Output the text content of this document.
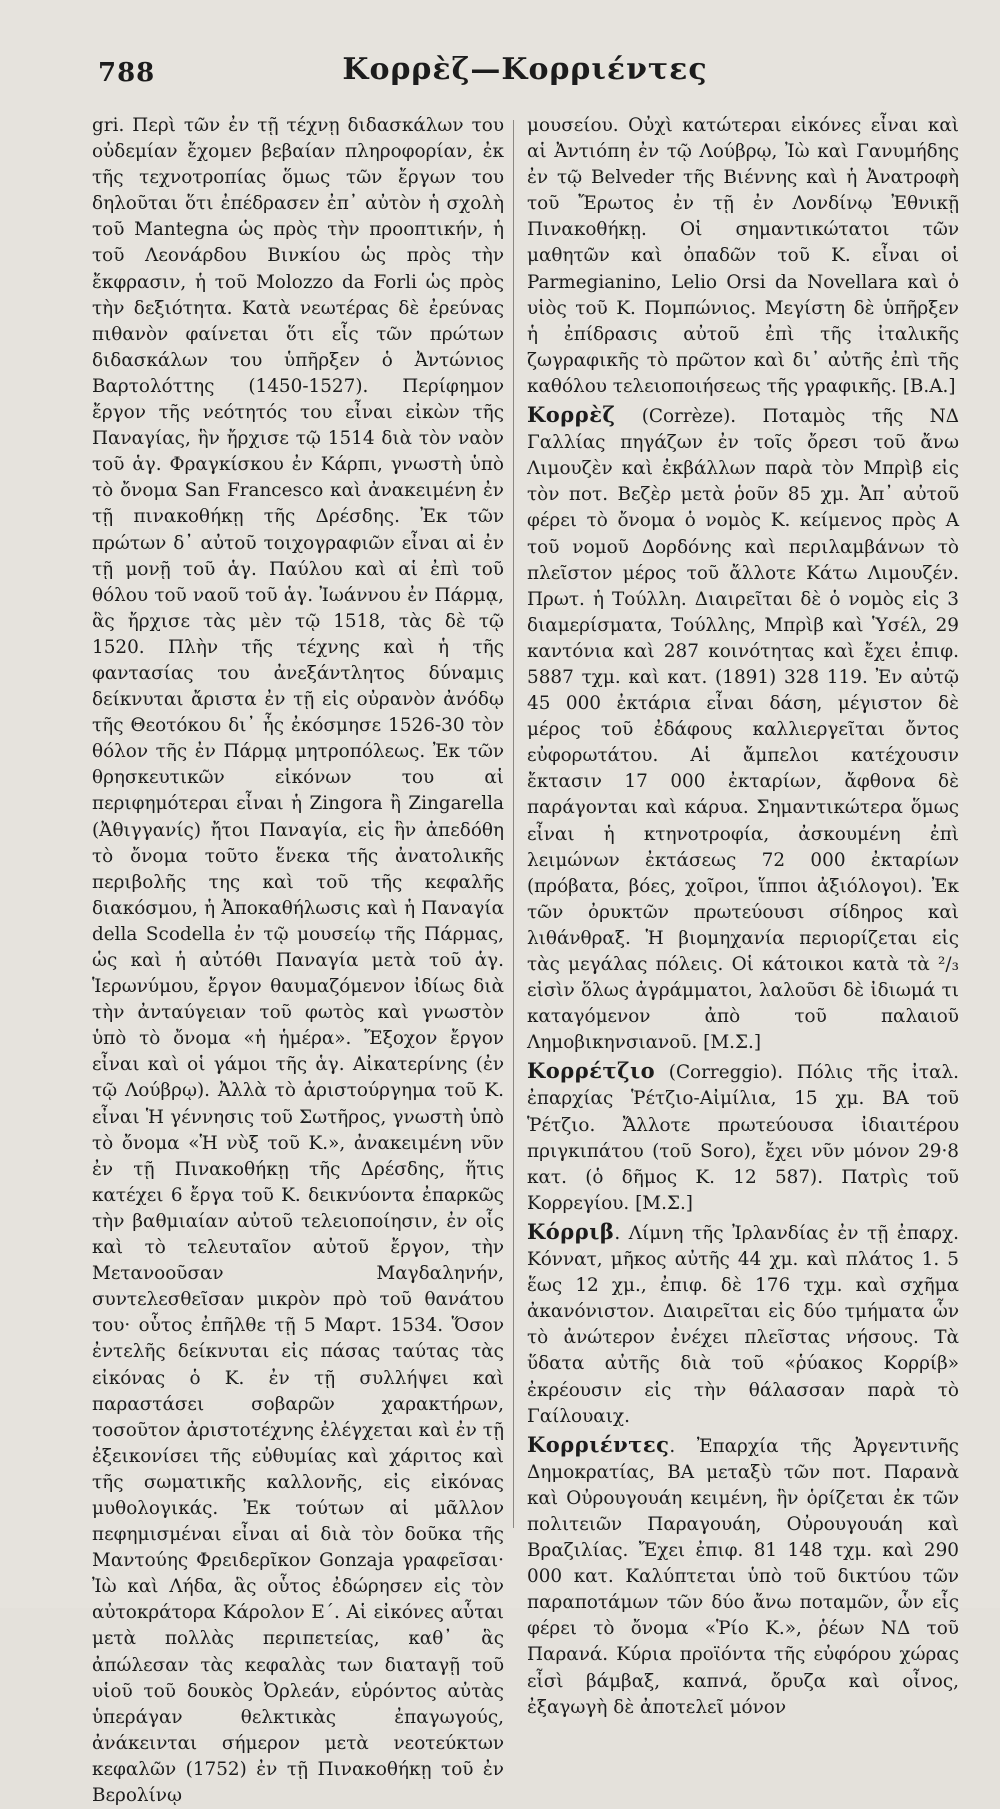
788	Κορρὲζ—Κορριέντες

gri. Περὶ τῶν ἐν τῇ τέχνῃ διδασκάλων του οὐδεμίαν ἔχομεν βεβαίαν πληροφορίαν, ἐκ τῆς τεχνοτροπίας ὅμως τῶν ἔργων του δηλοῦται ὅτι ἐπέδρασεν ἐπ᾽ αὐτὸν ἡ σχολὴ τοῦ Mantegna ὡς πρὸς τὴν προοπτικήν, ἡ τοῦ Λεονάρδου Βινκίου ὡς πρὸς τὴν ἔκφρασιν, ἡ τοῦ Molozzo da Forli ὡς πρὸς τὴν δεξιότητα. Κατὰ νεωτέρας δὲ ἐρεύνας πιθανὸν φαίνεται ὅτι εἷς τῶν πρώτων διδασκάλων του ὑπῆρξεν ὁ Ἀντώνιος Βαρτολόττης (1450-1527). Περίφημον ἔργον τῆς νεότητός του εἶναι εἰκὼν τῆς Παναγίας, ἣν ἤρχισε τῷ 1514 διὰ τὸν ναὸν τοῦ ἁγ. Φραγκίσκου ἐν Κάρπι, γνωστὴ ὑπὸ τὸ ὄνομα San Francesco καὶ ἀνακειμένη ἐν τῇ πινακοθήκῃ τῆς Δρέσδης. Ἐκ τῶν πρώτων δ᾽ αὐτοῦ τοιχογραφιῶν εἶναι αἱ ἐν τῇ μονῇ τοῦ ἁγ. Παύλου καὶ αἱ ἐπὶ τοῦ θόλου τοῦ ναοῦ τοῦ ἁγ. Ἰωάννου ἐν Πάρμᾳ, ἃς ἤρχισε τὰς μὲν τῷ 1518, τὰς δὲ τῷ 1520. Πλὴν τῆς τέχνης καὶ ἡ τῆς φαντασίας του ἀνεξάντλητος δύναμις δείκνυται ἄριστα ἐν τῇ εἰς οὐρανὸν ἀνόδῳ τῆς Θεοτόκου δι᾽ ἧς ἐκόσμησε 1526-30 τὸν θόλον τῆς ἐν Πάρμᾳ μητροπόλεως. Ἐκ τῶν θρησκευτικῶν εἰκόνων του αἱ περιφημότεραι εἶναι ἡ Zingora ἢ Zingarella (Ἀθιγγανίς) ἤτοι Παναγία, εἰς ἣν ἀπεδόθη τὸ ὄνομα τοῦτο ἕνεκα τῆς ἀνατολικῆς περιβολῆς της καὶ τοῦ τῆς κεφαλῆς διακόσμου, ἡ Ἀποκαθήλωσις καὶ ἡ Παναγία della Scodella ἐν τῷ μουσείῳ τῆς Πάρμας, ὡς καὶ ἡ αὐτόθι Παναγία μετὰ τοῦ ἁγ. Ἱερωνύμου, ἔργον θαυμαζόμενον ἰδίως διὰ τὴν ἀνταύγειαν τοῦ φωτὸς καὶ γνωστὸν ὑπὸ τὸ ὄνομα «ἡ ἡμέρα». Ἔξοχον ἔργον εἶναι καὶ οἱ γάμοι τῆς ἁγ. Αἰκατερίνης (ἐν τῷ Λούβρῳ). Ἀλλὰ τὸ ἀριστούργημα τοῦ Κ. εἶναι Ἡ γέννησις τοῦ Σωτῆρος, γνωστὴ ὑπὸ τὸ ὄνομα «Ἡ νὺξ τοῦ Κ.», ἀνακειμένη νῦν ἐν τῇ Πινακοθήκῃ τῆς Δρέσδης, ἥτις κατέχει 6 ἔργα τοῦ Κ. δεικνύοντα ἐπαρκῶς τὴν βαθμιαίαν αὐτοῦ τελειοποίησιν, ἐν οἷς καὶ τὸ τελευταῖον αὐτοῦ ἔργον, τὴν Μετανοοῦσαν Μαγδαληνήν, συντελεσθεῖσαν μικρὸν πρὸ τοῦ θανάτου του· οὗτος ἐπῆλθε τῇ 5 Μαρτ. 1534. Ὅσον ἐντελῆς δείκνυται εἰς πάσας ταύτας τὰς εἰκόνας ὁ Κ. ἐν τῇ συλλήψει καὶ παραστάσει σοβαρῶν χαρακτήρων, τοσοῦτον ἀριστοτέχνης ἐλέγχεται καὶ ἐν τῇ ἐξεικονίσει τῆς εὐθυμίας καὶ χάριτος καὶ τῆς σωματικῆς καλλονῆς, εἰς εἰκόνας μυθολογικάς. Ἐκ τούτων αἱ μᾶλλον πεφημισμέναι εἶναι αἱ διὰ τὸν δοῦκα τῆς Μαντούης Φρειδερῖκον Gonzaja γραφεῖσαι· Ἰὼ καὶ Λήδα, ἃς οὗτος ἐδώρησεν εἰς τὸν αὐτοκράτορα Κάρολον Ε΄. Αἱ εἰκόνες αὗται μετὰ πολλὰς περιπετείας, καθ᾽ ἃς ἀπώλεσαν τὰς κεφαλὰς των διαταγῇ τοῦ υἱοῦ τοῦ δουκὸς Ὀρλεάν, εὑρόντος αὐτὰς ὑπεράγαν θελκτικὰς ἐπαγωγούς, ἀνάκεινται σήμερον μετὰ νεοτεύκτων κεφαλῶν (1752) ἐν τῇ Πινακοθήκῃ τοῦ ἐν Βερολίνῳ

μουσείου. Οὐχὶ κατώτεραι εἰκόνες εἶναι καὶ αἱ Ἀντιόπη ἐν τῷ Λούβρῳ, Ἰὼ καὶ Γανυμήδης ἐν τῷ Belveder τῆς Βιέννης καὶ ἡ Ἀνατροφὴ τοῦ Ἔρωτος ἐν τῇ ἐν Λονδίνῳ Ἐθνικῇ Πινακοθήκῃ. Οἱ σημαντικώτατοι τῶν μαθητῶν καὶ ὀπαδῶν τοῦ Κ. εἶναι οἱ Parmegianino, Lelio Orsi da Novellara καὶ ὁ υἱὸς τοῦ Κ. Πομπώνιος. Μεγίστη δὲ ὑπῆρξεν ἡ ἐπίδρασις αὐτοῦ ἐπὶ τῆς ἰταλικῆς ζωγραφικῆς τὸ πρῶτον καὶ δι᾽ αὐτῆς ἐπὶ τῆς καθόλου τελειοποιήσεως τῆς γραφικῆς. [Β.Α.]

Κορρὲζ (Corrèze). Ποταμὸς τῆς ΝΔ Γαλλίας πηγάζων ἐν τοῖς ὄρεσι τοῦ ἄνω Λιμουζὲν καὶ ἐκβάλλων παρὰ τὸν Μπρὶβ εἰς τὸν ποτ. Βεζὲρ μετὰ ῥοῦν 85 χμ. Ἀπ᾽ αὐτοῦ φέρει τὸ ὄνομα ὁ νομὸς Κ. κείμενος πρὸς Α τοῦ νομοῦ Δορδόνης καὶ περιλαμβάνων τὸ πλεῖστον μέρος τοῦ ἄλλοτε Κάτω Λιμουζέν. Πρωτ. ἡ Τούλλη. Διαιρεῖται δὲ ὁ νομὸς εἰς 3 διαμερίσματα, Τούλλης, Μπρὶβ καὶ Ὑσέλ, 29 καντόνια καὶ 287 κοινότητας καὶ ἔχει ἐπιφ. 5887 τχμ. καὶ κατ. (1891) 328 119. Ἐν αὐτῷ 45 000 ἐκτάρια εἶναι δάση, μέγιστον δὲ μέρος τοῦ ἐδάφους καλλιεργεῖται ὄντος εὐφορωτάτου. Αἱ ἄμπελοι κατέχουσιν ἔκτασιν 17 000 ἐκταρίων, ἄφθονα δὲ παράγονται καὶ κάρυα. Σημαντικώτερα ὅμως εἶναι ἡ κτηνοτροφία, ἀσκουμένη ἐπὶ λειμώνων ἐκτάσεως 72 000 ἐκταρίων (πρόβατα, βόες, χοῖροι, ἵπποι ἀξιόλογοι). Ἐκ τῶν ὀρυκτῶν πρωτεύουσι σίδηρος καὶ λιθάνθραξ. Ἡ βιομηχανία περιορίζεται εἰς τὰς μεγάλας πόλεις. Οἱ κάτοικοι κατὰ τὰ ²/₃ εἰσὶν ὅλως ἀγράμματοι, λαλοῦσι δὲ ἰδιωμά τι καταγόμενον ἀπὸ τοῦ παλαιοῦ Λημοβικηνσιανοῦ. [Μ.Σ.]

Κορρέτζιο (Correggio). Πόλις τῆς ἰταλ. ἐπαρχίας Ῥέτζιο-Αἰμίλια, 15 χμ. ΒΑ τοῦ Ῥέτζιο. Ἄλλοτε πρωτεύουσα ἰδιαιτέρου πριγκιπάτου (τοῦ Soro), ἔχει νῦν μόνον 29·8 κατ. (ὁ δῆμος Κ. 12 587). Πατρὶς τοῦ Κορρεγίου. [Μ.Σ.]

Κόρριβ. Λίμνη τῆς Ἰρλανδίας ἐν τῇ ἐπαρχ. Κόννατ, μῆκος αὐτῆς 44 χμ. καὶ πλάτος 1. 5 ἕως 12 χμ., ἐπιφ. δὲ 176 τχμ. καὶ σχῆμα ἀκανόνιστον. Διαιρεῖται εἰς δύο τμήματα ὧν τὸ ἀνώτερον ἐνέχει πλεῖστας νήσους. Τὰ ὕδατα αὐτῆς διὰ τοῦ «ῥύακος Κορρίβ» ἐκρέουσιν εἰς τὴν θάλασσαν παρὰ τὸ Γαίλουαιχ.

Κορριέντες. Ἐπαρχία τῆς Ἀργεντινῆς Δημοκρατίας, ΒΑ μεταξὺ τῶν ποτ. Παρανὰ καὶ Οὐρουγουάη κειμένη, ἣν ὁρίζεται ἐκ τῶν πολιτειῶν Παραγουάη, Οὐρουγουάη καὶ Βραζιλίας. Ἔχει ἐπιφ. 81 148 τχμ. καὶ 290 000 κατ. Καλύπτεται ὑπὸ τοῦ δικτύου τῶν παραποτάμων τῶν δύο ἄνω ποταμῶν, ὧν εἷς φέρει τὸ ὄνομα «Ῥίο Κ.», ῥέων ΝΔ τοῦ Παρανά. Κύρια προϊόντα τῆς εὐφόρου χώρας εἶσὶ βάμβαξ, καπνά, ὄρυζα καὶ οἶνος, ἐξαγωγὴ δὲ ἀποτελεῖ μόνον
